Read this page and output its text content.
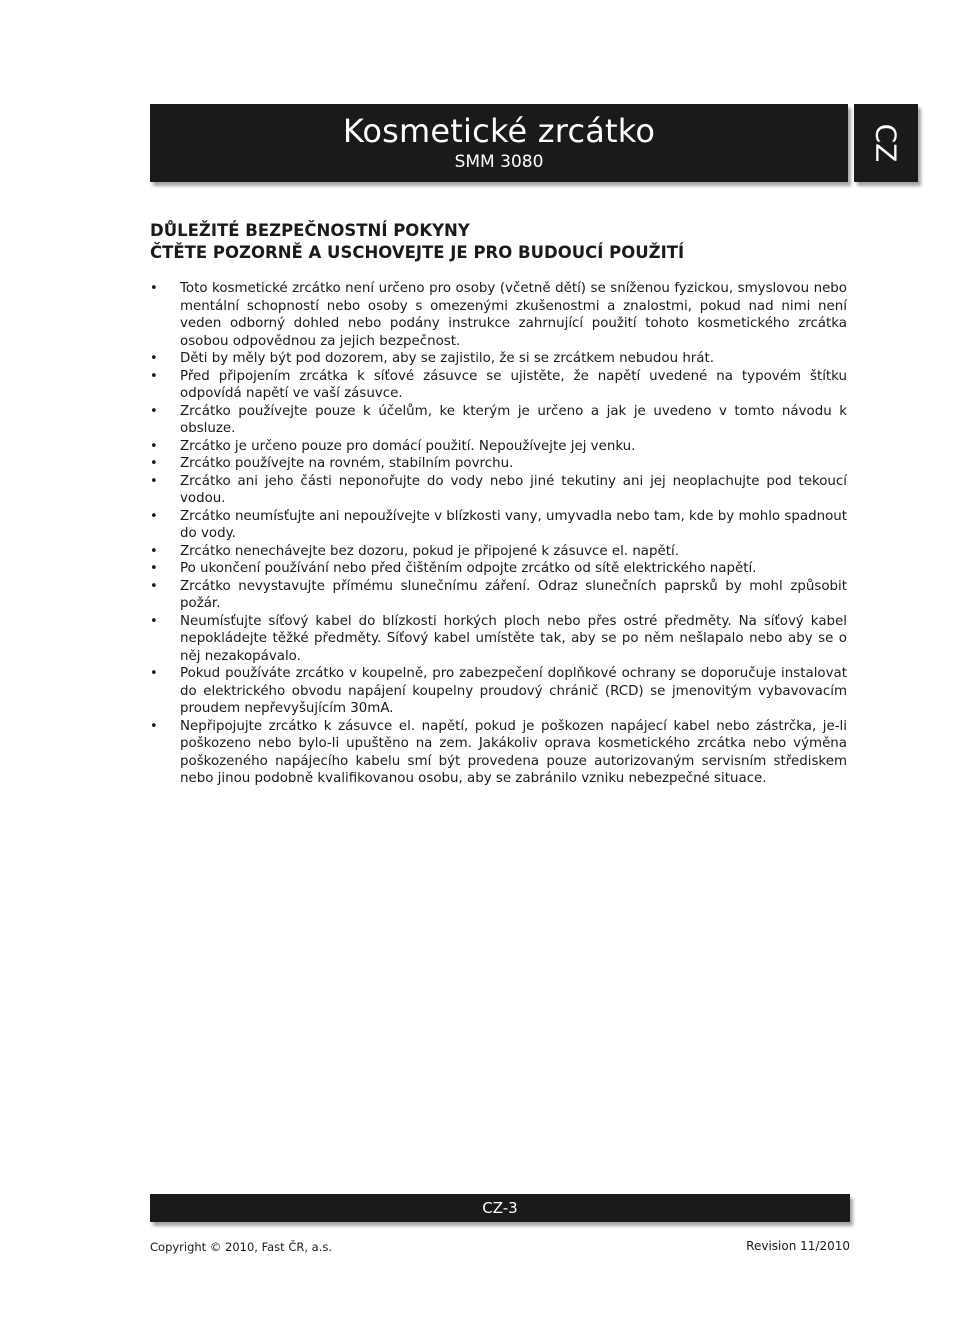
Kosmetické zrcátko
SMM 3080	CZ
DŮLEŽITÉ BEZPEČNOSTNÍ POKYNY
ČTĚTE POZORNĚ A USCHOVEJTE JE PRO BUDOUCÍ POUŽITÍ
• Toto kosmetické zrcátko není určeno pro osoby (včetně dětí) se sníženou fyzickou, smyslovou nebo mentální schopností nebo osoby s omezenými zkušenostmi a znalostmi, pokud nad nimi není veden odborný dohled nebo podány instrukce zahrnující použití tohoto kosmetického zrcátka osobou odpovědnou za jejich bezpečnost.
• Děti by měly být pod dozorem, aby se zajistilo, že si se zrcátkem nebudou hrát.
• Před připojením zrcátka k síťové zásuvce se ujistěte, že napětí uvedené na typovém štítku odpovídá napětí ve vaší zásuvce.
• Zrcátko používejte pouze k účelům, ke kterým je určeno a jak je uvedeno v tomto návodu k obsluze.
• Zrcátko je určeno pouze pro domácí použití. Nepoužívejte jej venku.
• Zrcátko používejte na rovném, stabilním povrchu.
• Zrcátko ani jeho části neponořujte do vody nebo jiné tekutiny ani jej neoplachujte pod tekoucí vodou.
• Zrcátko neumísťujte ani nepoužívejte v blízkosti vany, umyvadla nebo tam, kde by mohlo spadnout do vody.
• Zrcátko nenechávejte bez dozoru, pokud je připojené k zásuvce el. napětí.
• Po ukončení používání nebo před čištěním odpojte zrcátko od sítě elektrického napětí.
• Zrcátko nevystavujte přímému slunečnímu záření. Odraz slunečních paprsků by mohl způsobit požár.
• Neumísťujte síťový kabel do blízkosti horkých ploch nebo přes ostré předměty. Na síťový kabel nepokládejte těžké předměty. Síťový kabel umístěte tak, aby se po něm nešlapalo nebo aby se o něj nezakopávalo.
• Pokud používáte zrcátko v koupelně, pro zabezpečení doplňkové ochrany se doporučuje instalovat do elektrického obvodu napájení koupelny proudový chránič (RCD) se jmenovitým vybavovacím proudem nepřevyšujícím 30mA.
• Nepřipojujte zrcátko k zásuvce el. napětí, pokud je poškozen napájecí kabel nebo zástrčka, je-li poškozeno nebo bylo-li upuštěno na zem. Jakákoliv oprava kosmetického zrcátka nebo výměna poškozeného napájecího kabelu smí být provedena pouze autorizovaným servisním střediskem nebo jinou podobně kvalifikovanou osobu, aby se zabránilo vzniku nebezpečné situace.
CZ-3
Copyright © 2010, Fast ČR, a.s.	Revision 11/2010
